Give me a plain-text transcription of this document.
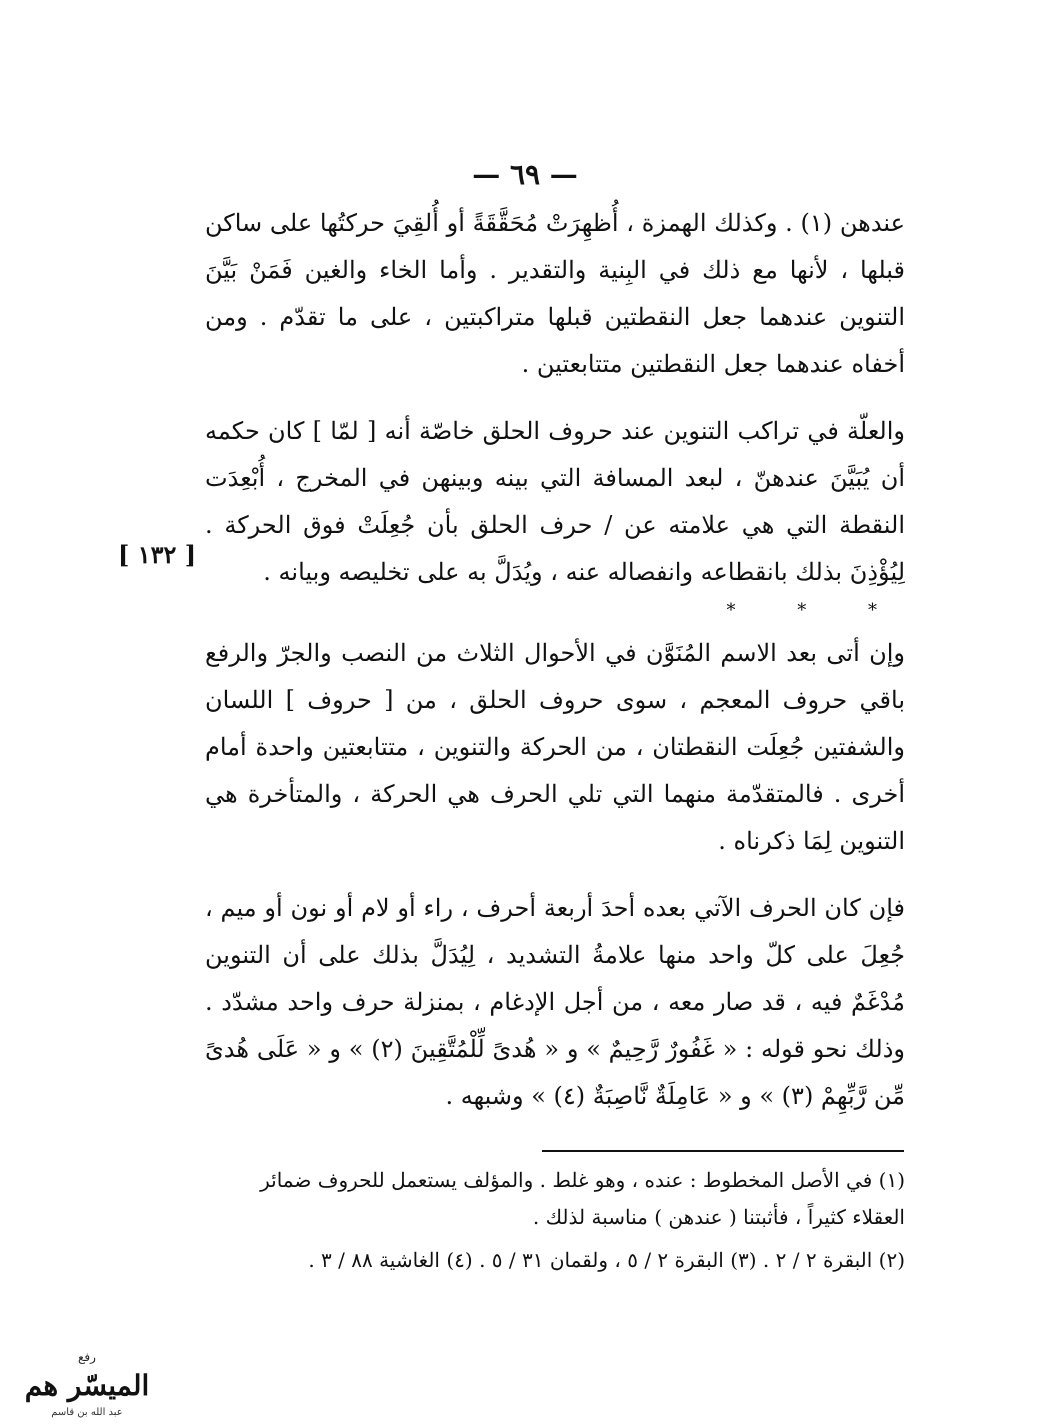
— ٦٩ —

عندهن (١) . وكذلك الهمزة ، أُظهِرَتْ مُحَقَّقَةً أو أُلقِيَ حركتُها على ساكن قبلها ، لأنها مع ذلك في البِنية والتقدير . وأما الخاء والغين فَمَنْ بَيَّنَ التنوين عندهما جعل النقطتين قبلها متراكبتين ، على ما تقدّم . ومن أخفاه عندهما جعل النقطتين متتابعتين .

والعلّة في تراكب التنوين عند حروف الحلق خاصّة أنه [ لمّا ] كان حكمه أن يُبَيَّنَ عندهنّ ، لبعد المسافة التي بينه وبينهن في المخرج ، أُبْعِدَت النقطة التي هي علامته عن / حرف الحلق بأن جُعِلَتْ فوق الحركة . لِيُؤْذِنَ بذلك بانقطاعه وانفصاله عنه ، ويُدَلَّ به على تخليصه وبيانه .

* * *

وإن أتى بعد الاسم المُنَوَّن في الأحوال الثلاث من النصب والجرّ والرفع باقي حروف المعجم ، سوى حروف الحلق ، من [ حروف ] اللسان والشفتين جُعِلَت النقطتان ، من الحركة والتنوين ، متتابعتين واحدة أمام أخرى . فالمتقدّمة منهما التي تلي الحرف هي الحركة ، والمتأخرة هي التنوين لِمَا ذكرناه .

فإن كان الحرف الآتي بعده أحدَ أربعة أحرف ، راء أو لام أو نون أو ميم ، جُعِلَ على كلّ واحد منها علامةُ التشديد ، لِيُدَلَّ بذلك على أن التنوين مُدْغَمٌ فيه ، قد صار معه ، من أجل الإدغام ، بمنزلة حرف واحد مشدّد . وذلك نحو قوله : « غَفُورٌ رَّحِيمٌ » و « هُدىً لِّلْمُتَّقِينَ (٢) » و « عَلَى هُدىً مِّن رَّبِّهِمْ (٣) » و « عَامِلَةٌ نَّاصِبَةٌ (٤) » وشبهه .

[ ١٣٢ ]

(١) في الأصل المخطوط : عنده ، وهو غلط . والمؤلف يستعمل للحروف ضمائر العقلاء كثيراً ، فأثبتنا ( عندهن ) مناسبة لذلك .

(٢) البقرة ٢ / ٢ . (٣) البقرة ٢ / ٥ ، ولقمان ٣١ / ٥ . (٤) الغاشية ٨٨ / ٣ .

رفع
الميسّر هم
عبد الله بن قاسم
